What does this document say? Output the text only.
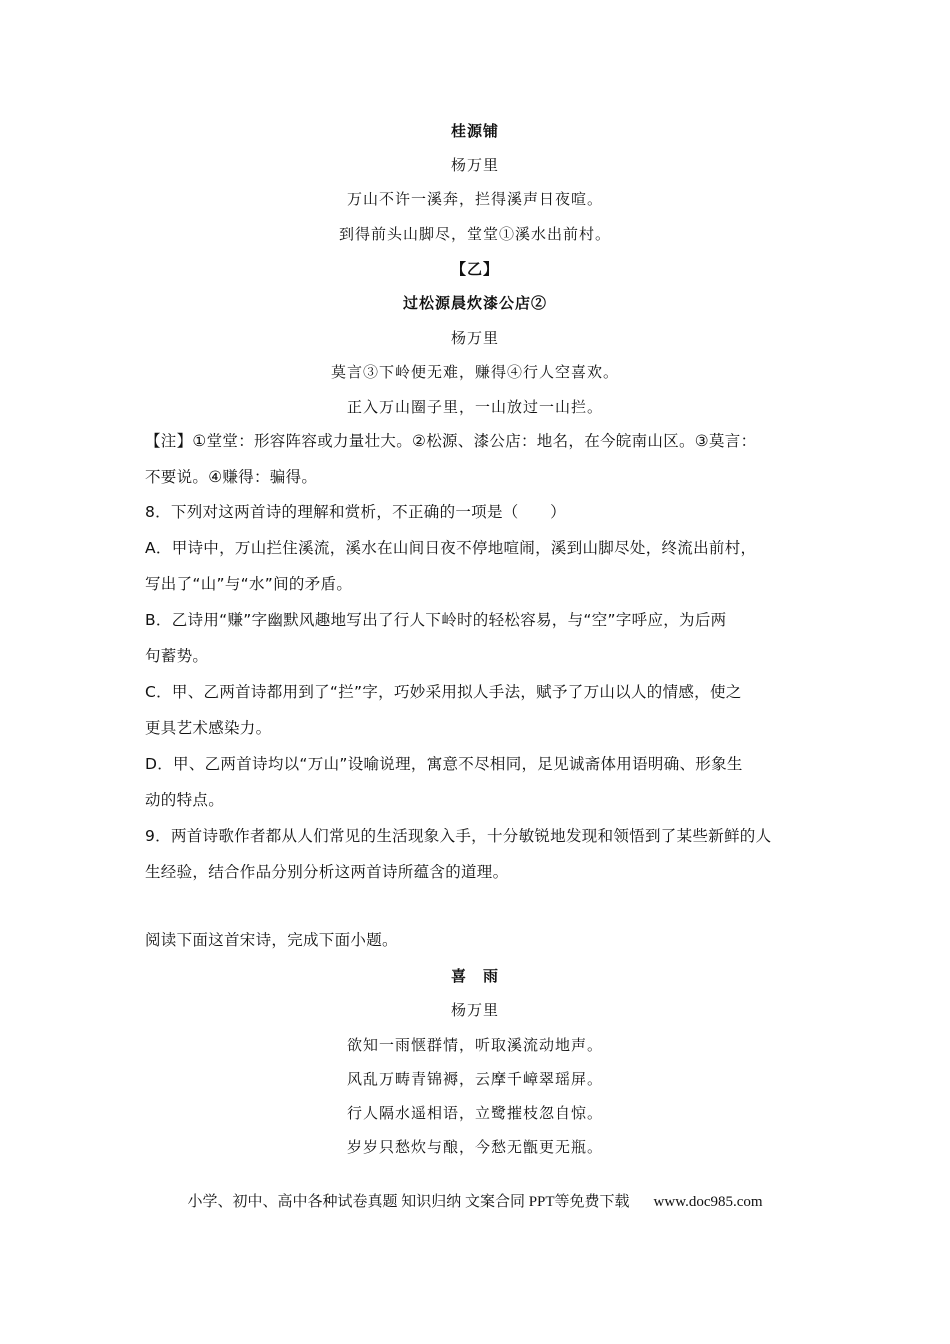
桂源铺
杨万里
万山不许一溪奔，拦得溪声日夜喧。
到得前头山脚尽，堂堂①溪水出前村。
【乙】
过松源晨炊漆公店②
杨万里
莫言③下岭便无难，赚得④行人空喜欢。
正入万山圈子里，一山放过一山拦。
【注】①堂堂：形容阵容或力量壮大。②松源、漆公店：地名，在今皖南山区。③莫言：
不要说。④赚得：骗得。
8．下列对这两首诗的理解和赏析，不正确的一项是（　　）
A．甲诗中，万山拦住溪流，溪水在山间日夜不停地喧闹，溪到山脚尽处，终流出前村，
写出了“山”与“水”间的矛盾。
B．乙诗用“赚”字幽默风趣地写出了行人下岭时的轻松容易，与“空”字呼应，为后两
句蓄势。
C．甲、乙两首诗都用到了“拦”字，巧妙采用拟人手法，赋予了万山以人的情感，使之
更具艺术感染力。
D．甲、乙两首诗均以“万山”设喻说理，寓意不尽相同，足见诚斋体用语明确、形象生
动的特点。
9．两首诗歌作者都从人们常见的生活现象入手，十分敏锐地发现和领悟到了某些新鲜的人
生经验，结合作品分别分析这两首诗所蕴含的道理。
阅读下面这首宋诗，完成下面小题。
喜　雨
杨万里
欲知一雨惬群情，听取溪流动地声。
风乱万畴青锦褥，云摩千嶂翠瑶屏。
行人隔水遥相语，立鹭摧枝忽自惊。
岁岁只愁炊与酿，今愁无甑更无瓶。
小学、初中、高中各种试卷真题 知识归纳 文案合同 PPT等免费下载 www.doc985.com
